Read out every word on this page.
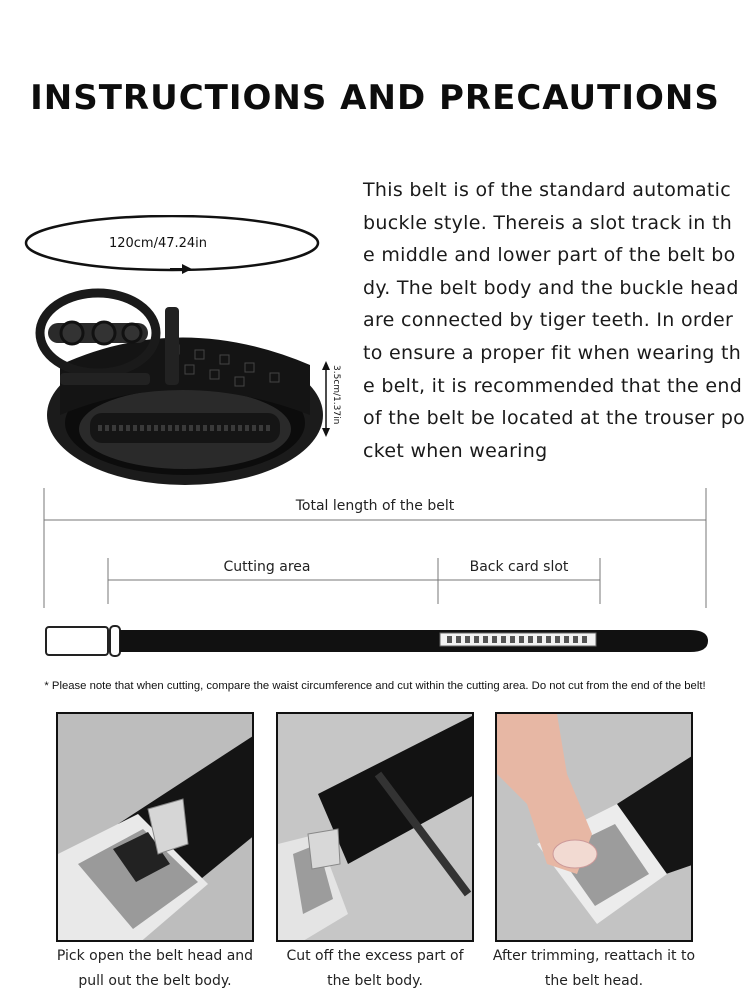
INSTRUCTIONS AND PRECAUTIONS
120cm/47.24in
3.5cm/1.37in
This belt is of the standard automatic
buckle style. Thereis a slot track in th
e middle and lower part of the belt bo
dy. The belt body and the buckle head
are connected by tiger teeth. In order
to ensure a proper fit when wearing th
e belt, it is recommended that the end
of the belt be located at the trouser po
cket when wearing
Total length of the belt
Cutting area	Back card slot
* Please note that when cutting, compare the waist circumference and cut within the cutting area. Do not cut from the end of the belt!
Pick open the belt head and
pull out the belt body.
Cut off the excess part of
the belt body.
After trimming, reattach it to
the belt head.
